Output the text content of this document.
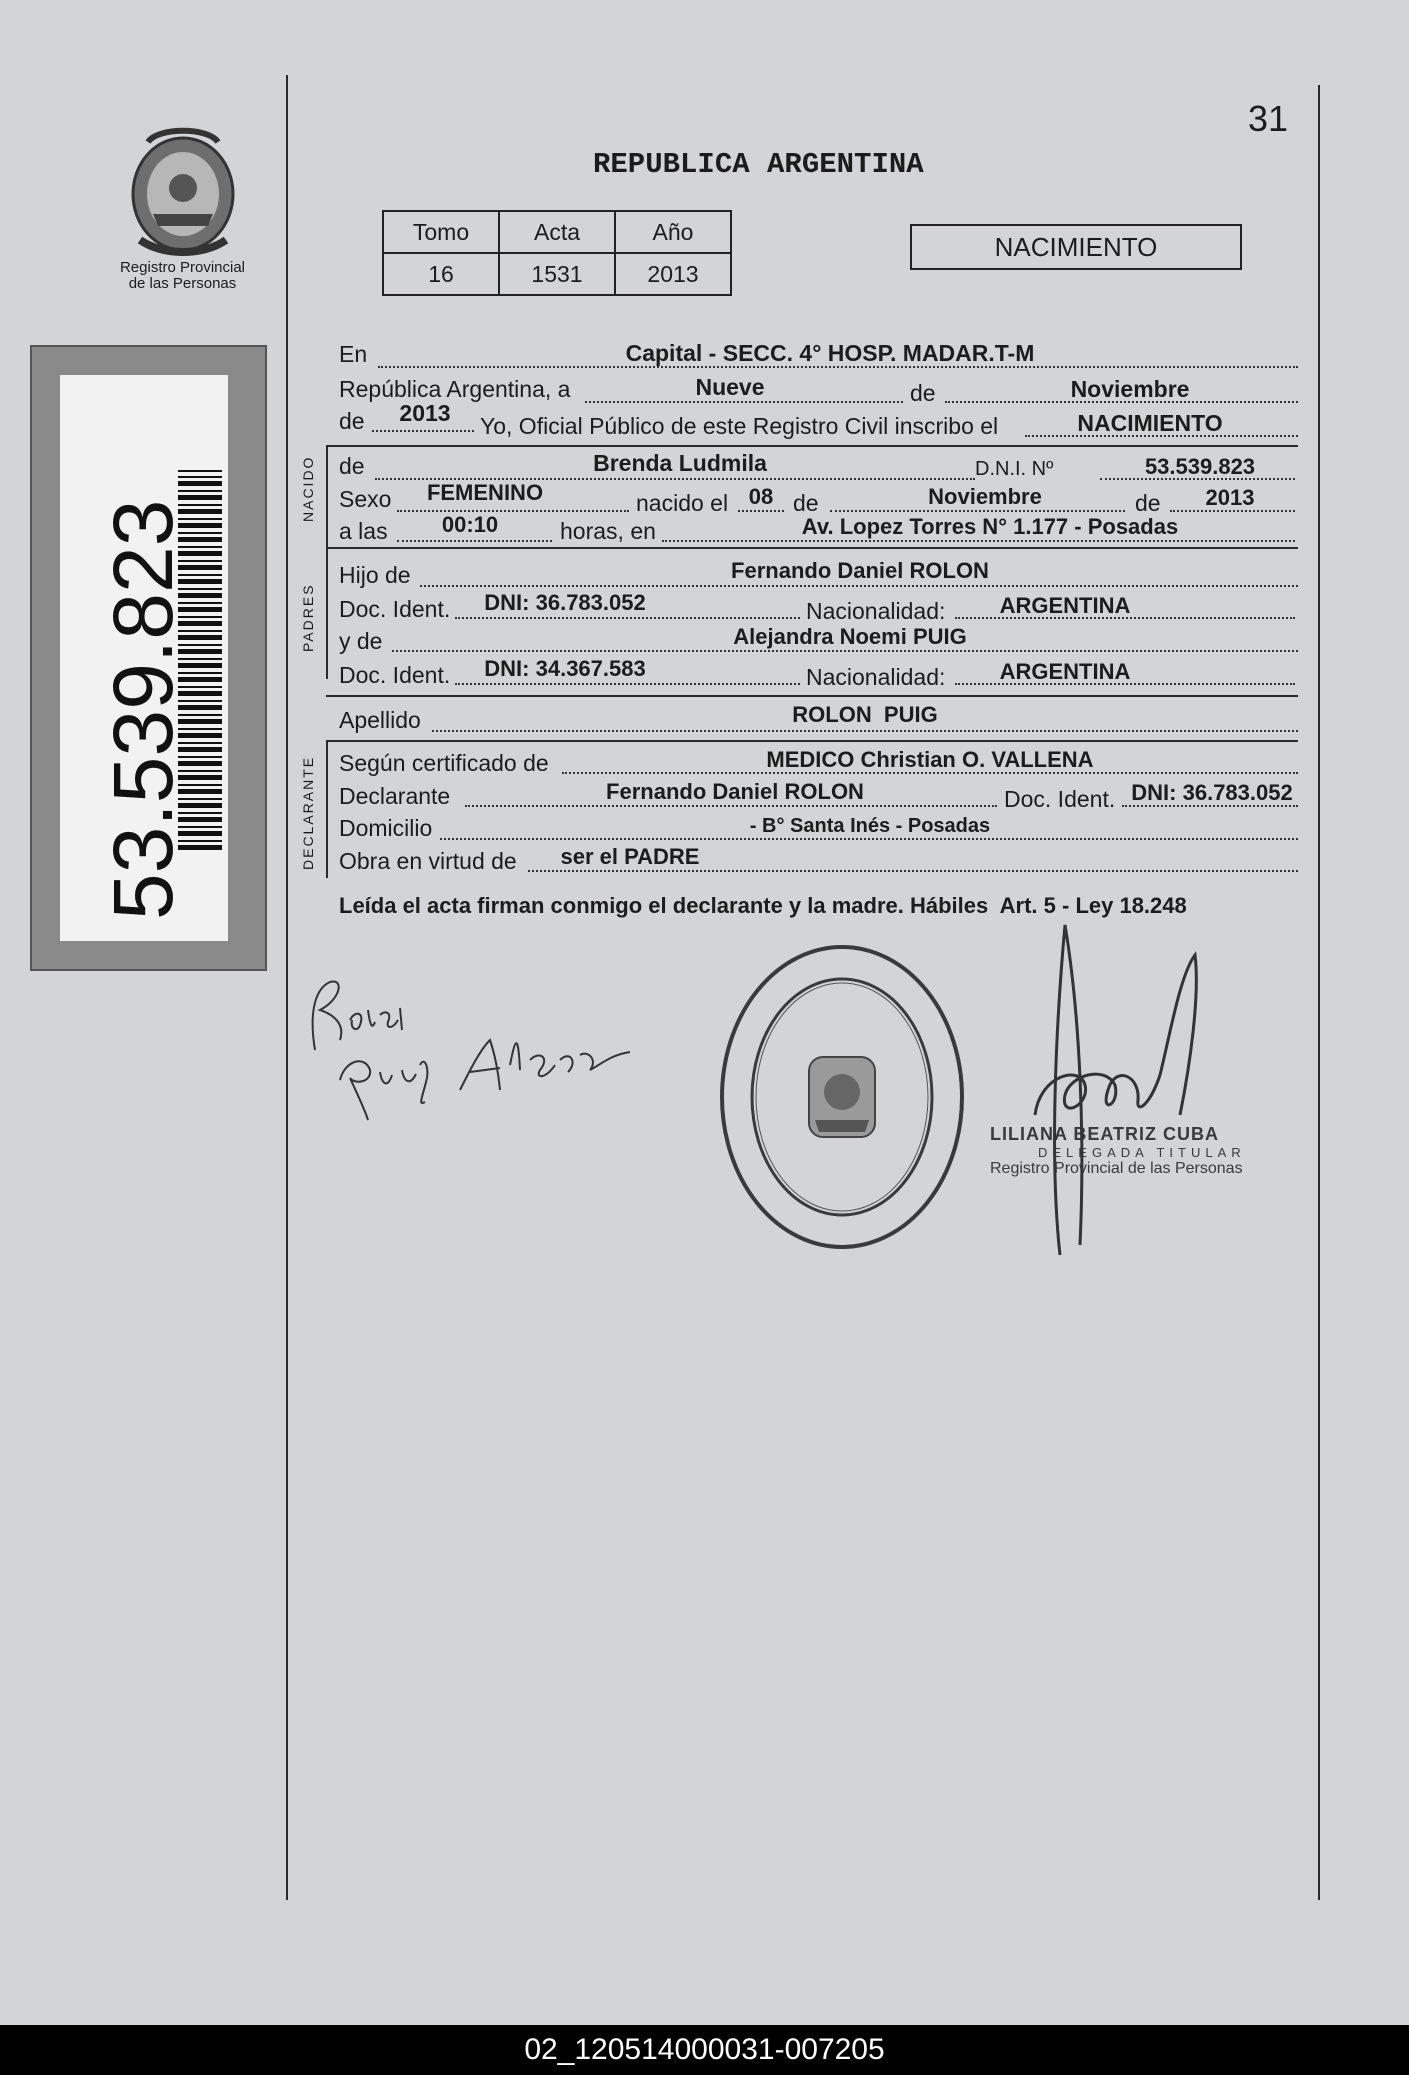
31
Registro Provincial
de las Personas
53.539.823
REPUBLICA ARGENTINA
Tomo	Acta	Año
16	1531	2013
NACIMIENTO
NACIDO
PADRES
DECLARANTE
En	Capital - SECC. 4° HOSP. MADAR.T-M
República Argentina, a	Nueve	de	Noviembre
de	2013	Yo, Oficial Público de este Registro Civil inscribo el	NACIMIENTO
de	Brenda Ludmila	D.N.I. Nº	53.539.823
Sexo	FEMENINO	nacido el 08 de	Noviembre	de	2013
a las	00:10	horas, en	Av. Lopez Torres N° 1.177 - Posadas
Hijo de	Fernando Daniel ROLON
Doc. Ident.	DNI: 36.783.052	Nacionalidad:	ARGENTINA
y de	Alejandra Noemi PUIG
Doc. Ident.	DNI: 34.367.583	Nacionalidad:	ARGENTINA
Apellido	ROLON  PUIG
Según certificado de	MEDICO Christian O. VALLENA
Declarante	Fernando Daniel ROLON	Doc. Ident. DNI: 36.783.052
Domicilio	- B° Santa Inés - Posadas
Obra en virtud de	ser el PADRE
Leída el acta firman conmigo el declarante y la madre. Hábiles  Art. 5 - Ley 18.248
LILIANA BEATRIZ CUBA
DELEGADA TITULAR
Registro Provincial de las Personas
02_120514000031-007205
